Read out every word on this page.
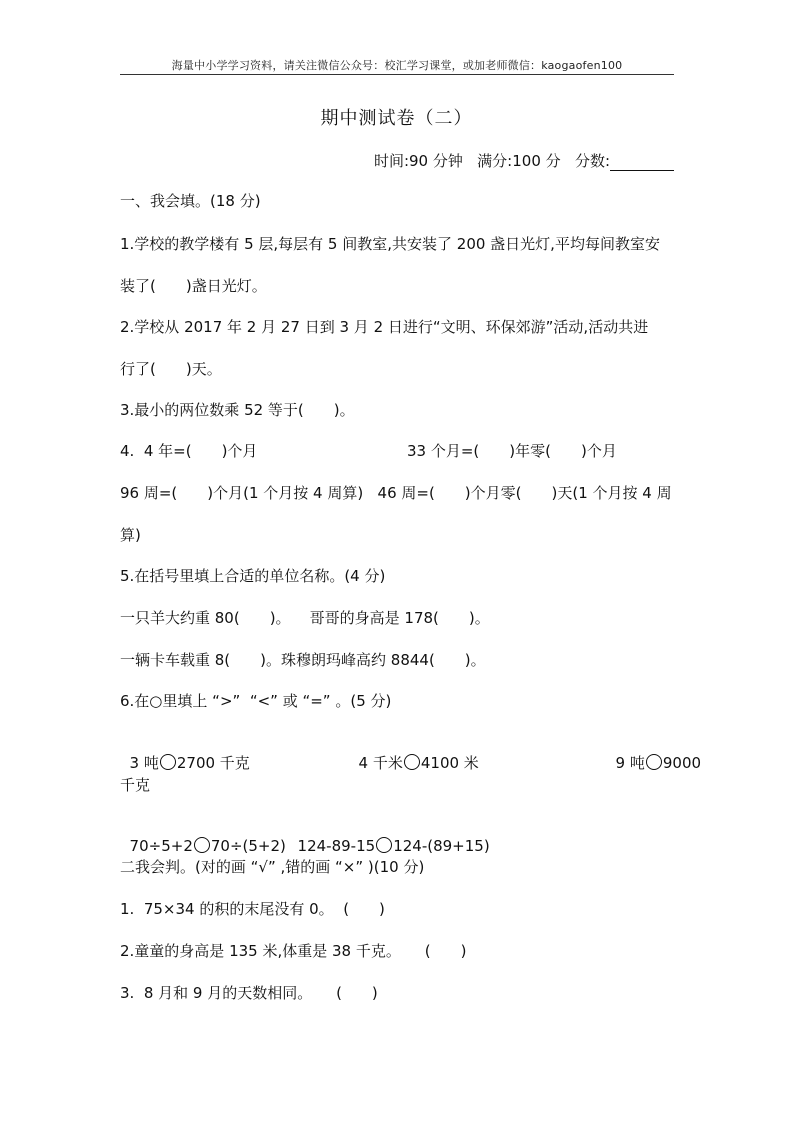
海量中小学学习资料，请关注微信公众号：校汇学习课堂，或加老师微信：kaogaofen100
期中测试卷（二）
时间:90 分钟
满分:100 分
分数:
一、我会填。(18 分)
1.学校的教学楼有 5 层,每层有 5 间教室,共安装了 200 盏日光灯,平均每间教室安
装了(　　)盏日光灯。
2.学校从 2017 年 2 月 27 日到 3 月 2 日进行“文明、环保郊游”活动,活动共进
行了(　　)天。
3.最小的两位数乘 52 等于(　　)。
4.  4 年=(　　)个月	33 个月=(　　)年零(　　)个月
96 周=(　　)个月(1 个月按 4 周算)   46 周=(　　)个月零(　　)天(1 个月按 4 周
算)
5.在括号里填上合适的单位名称。(4 分)
一只羊大约重 80(　　)。    哥哥的身高是 178(　　)。
一辆卡车载重 8(　　)。珠穆朗玛峰高约 8844(　　)。
6.在○里填上 “>”  “<” 或 “=” 。(5 分)

3 吨 2700 千克	4 千米 4100 米	9 吨 9000

千克

70÷5+2 70÷(5+2) 124-89-15 124-(89+15)

二我会判。(对的画 “√” ,错的画 “×” )(10 分)
1.  75×34 的积的末尾没有 0。  (　　)
2.童童的身高是 135 米,体重是 38 千克。     (　　)
3.  8 月和 9 月的天数相同。     (　　)
